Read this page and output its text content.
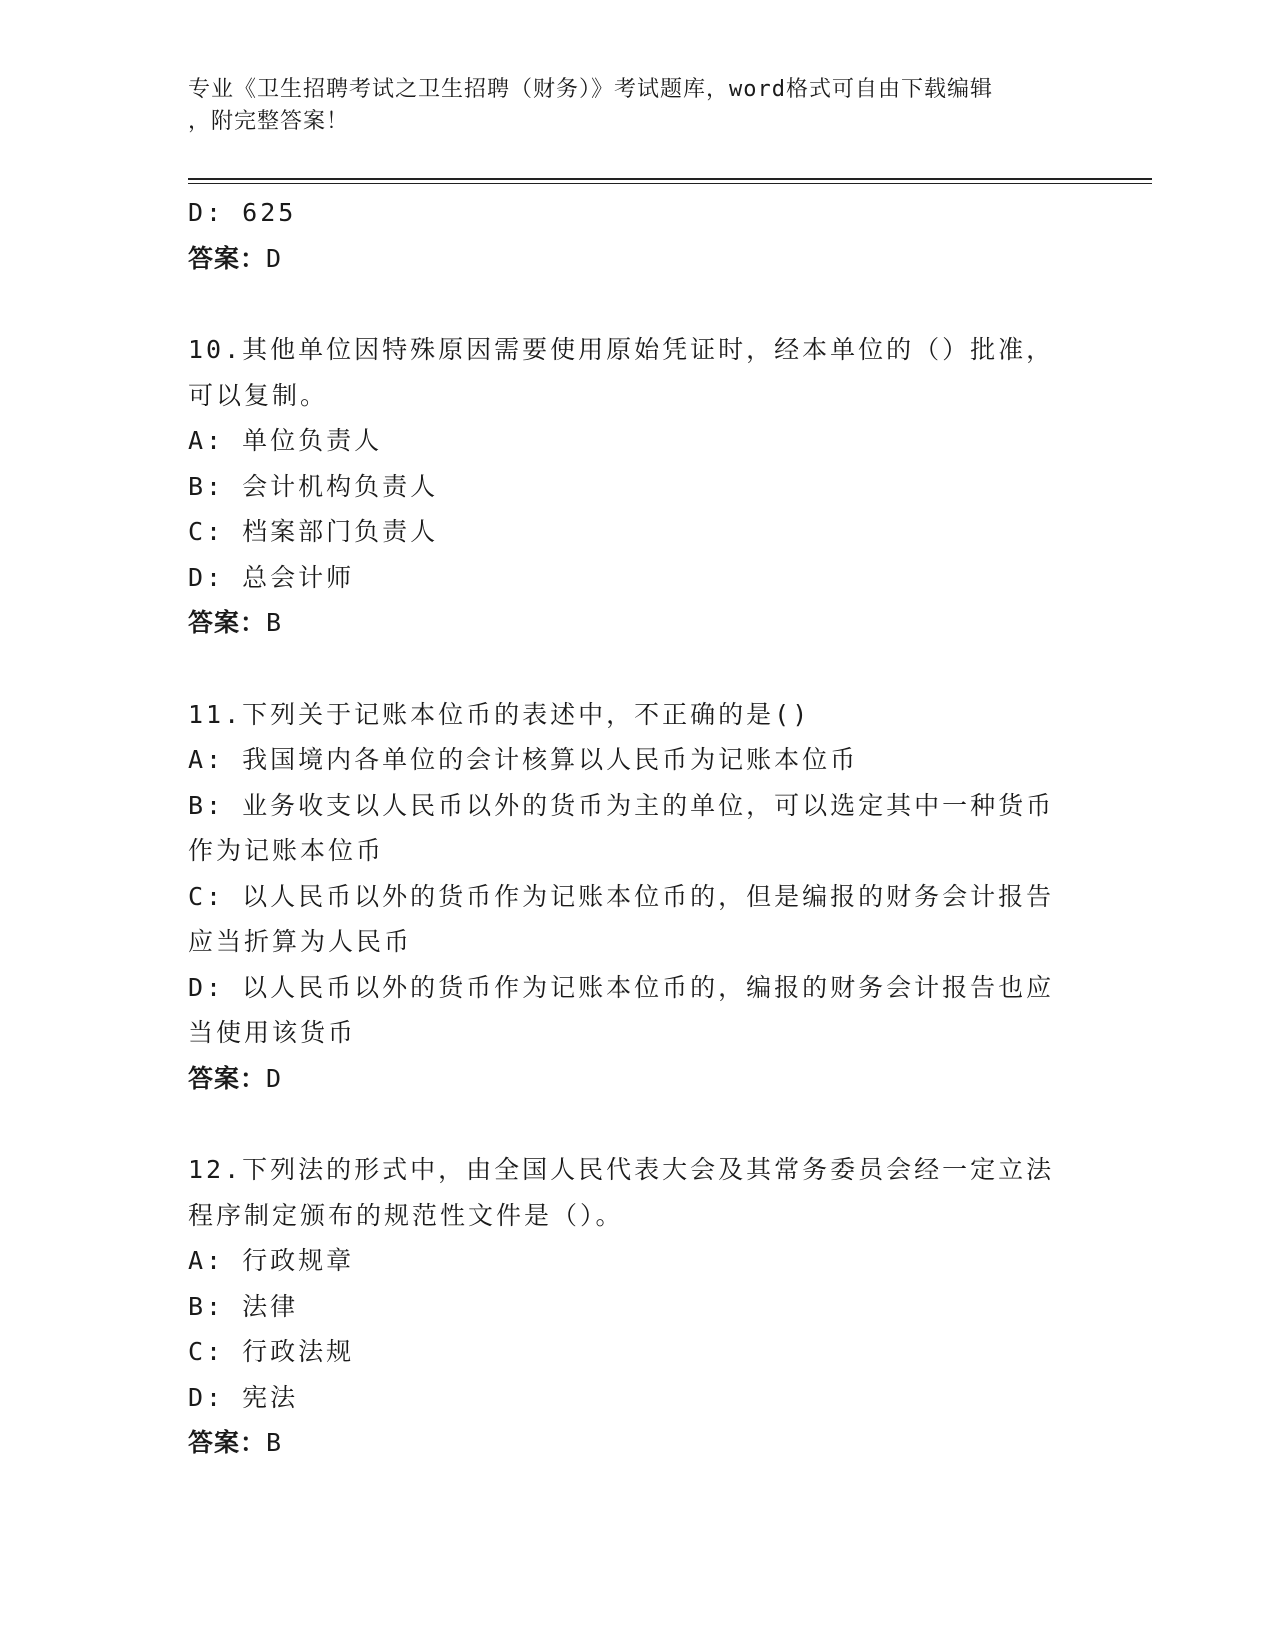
专业《卫生招聘考试之卫生招聘（财务）》考试题库，word格式可自由下载编辑
，附完整答案！
D: 625
答案：D
10.其他单位因特殊原因需要使用原始凭证时，经本单位的（）批准，
可以复制。
A: 单位负责人
B: 会计机构负责人
C: 档案部门负责人
D: 总会计师
答案：B
11.下列关于记账本位币的表述中，不正确的是()
A: 我国境内各单位的会计核算以人民币为记账本位币
B: 业务收支以人民币以外的货币为主的单位，可以选定其中一种货币
作为记账本位币
C: 以人民币以外的货币作为记账本位币的，但是编报的财务会计报告
应当折算为人民币
D: 以人民币以外的货币作为记账本位币的，编报的财务会计报告也应
当使用该货币
答案：D
12.下列法的形式中，由全国人民代表大会及其常务委员会经一定立法
程序制定颁布的规范性文件是（）。
A: 行政规章
B: 法律
C: 行政法规
D: 宪法
答案：B
